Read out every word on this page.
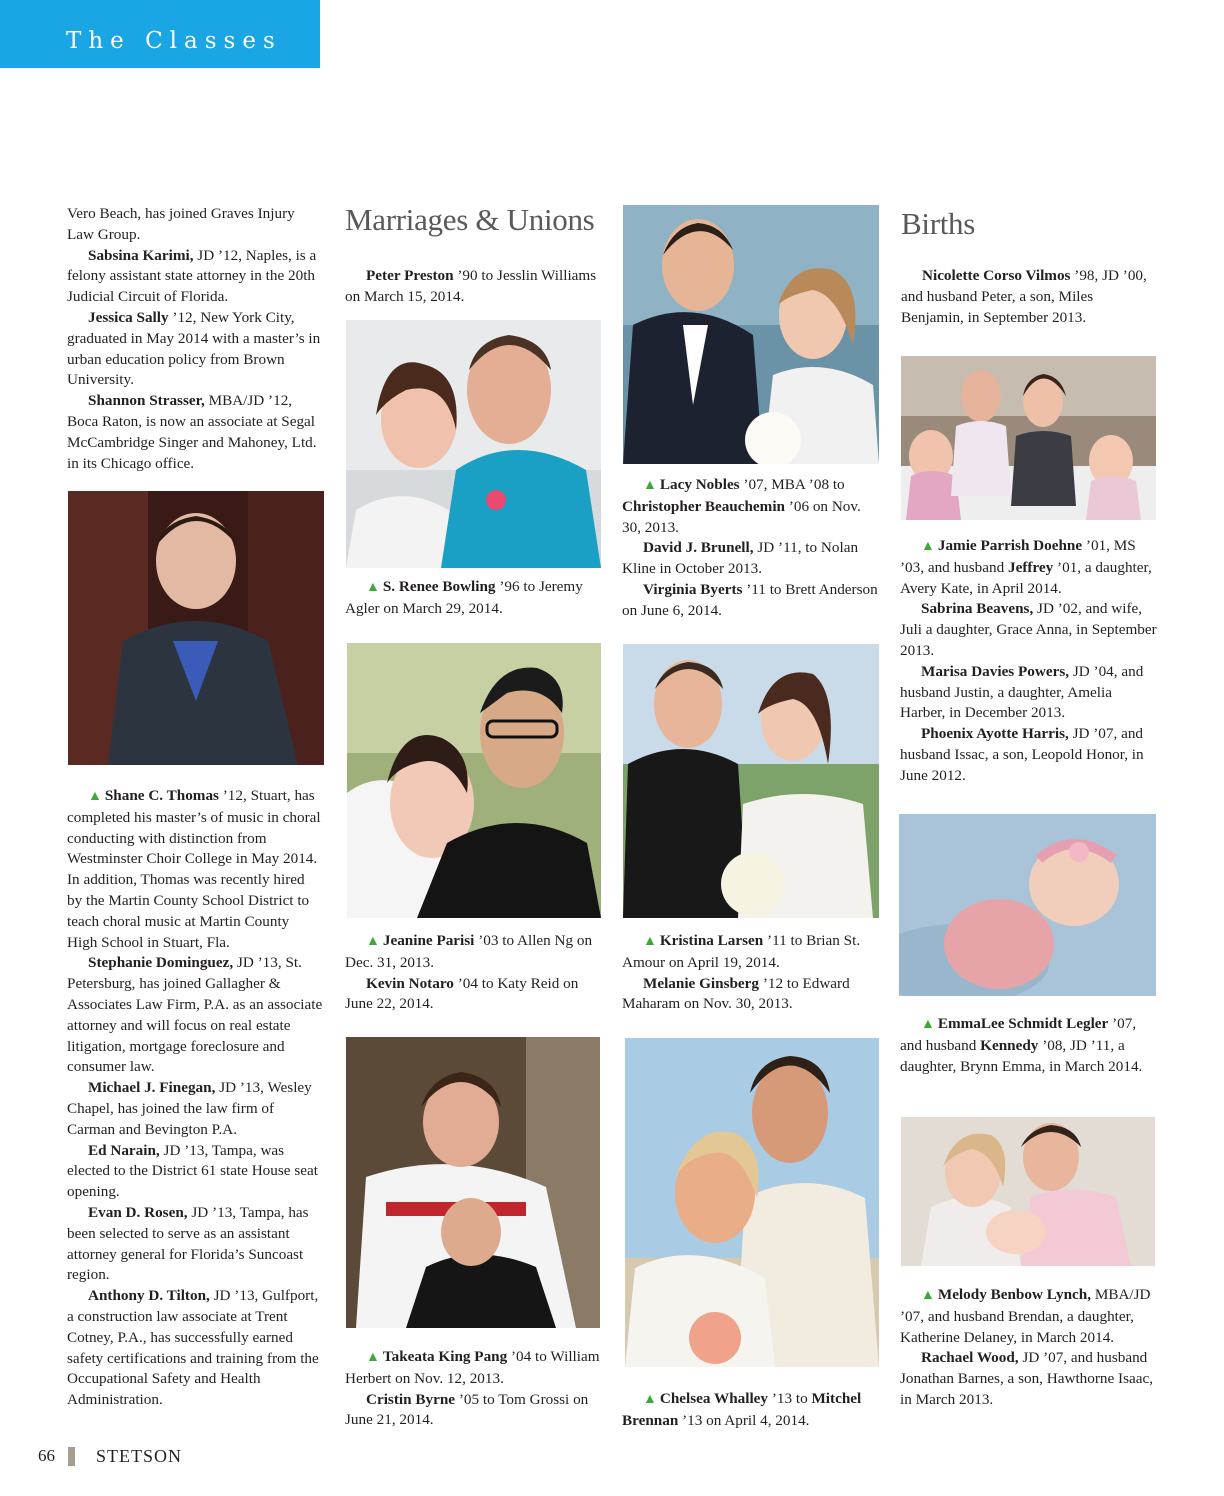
The Classes

Vero Beach, has joined Graves Injury Law Group.

Sabsina Karimi, JD ’12, Naples, is a felony assistant state attorney in the 20th Judicial Circuit of Florida.

Jessica Sally ’12, New York City, graduated in May 2014 with a master’s in urban education policy from Brown University.

Shannon Strasser, MBA/JD ’12, Boca Raton, is now an associate at Segal McCambridge Singer and Mahoney, Ltd. in its Chicago office.

▲ Shane C. Thomas ’12, Stuart, has completed his master’s of music in choral conducting with distinction from Westminster Choir College in May 2014. In addition, Thomas was recently hired by the Martin County School District to teach choral music at Martin County High School in Stuart, Fla.

Stephanie Dominguez, JD ’13, St. Petersburg, has joined Gallagher & Associates Law Firm, P.A. as an associate attorney and will focus on real estate litigation, mortgage foreclosure and consumer law.

Michael J. Finegan, JD ’13, Wesley Chapel, has joined the law firm of Carman and Bevington P.A.

Ed Narain, JD ’13, Tampa, was elected to the District 61 state House seat opening.

Evan D. Rosen, JD ’13, Tampa, has been selected to serve as an assistant attorney general for Florida’s Suncoast region.

Anthony D. Tilton, JD ’13, Gulfport, a construction law associate at Trent Cotney, P.A., has successfully earned safety certifications and training from the Occupational Safety and Health Administration.

Marriages & Unions

Peter Preston ’90 to Jesslin Williams on March 15, 2014.

▲ S. Renee Bowling ’96 to Jeremy Agler on March 29, 2014.

▲ Jeanine Parisi ’03 to Allen Ng on Dec. 31, 2013.

Kevin Notaro ’04 to Katy Reid on June 22, 2014.

▲ Takeata King Pang ’04 to William Herbert on Nov. 12, 2013.

Cristin Byrne ’05 to Tom Grossi on June 21, 2014.

▲ Lacy Nobles ’07, MBA ’08 to Christopher Beauchemin ’06 on Nov. 30, 2013.

David J. Brunell, JD ’11, to Nolan Kline in October 2013.

Virginia Byerts ’11 to Brett Anderson on June 6, 2014.

▲ Kristina Larsen ’11 to Brian St. Amour on April 19, 2014.

Melanie Ginsberg ’12 to Edward Maharam on Nov. 30, 2013.

▲ Chelsea Whalley ’13 to Mitchel Brennan ’13 on April 4, 2014.

Births

Nicolette Corso Vilmos ’98, JD ’00, and husband Peter, a son, Miles Benjamin, in September 2013.

▲ Jamie Parrish Doehne ’01, MS ’03, and husband Jeffrey ’01, a daughter, Avery Kate, in April 2014.

Sabrina Beavens, JD ’02, and wife, Juli a daughter, Grace Anna, in September 2013.

Marisa Davies Powers, JD ’04, and husband Justin, a daughter, Amelia Harber, in December 2013.

Phoenix Ayotte Harris, JD ’07, and husband Issac, a son, Leopold Honor, in June 2012.

▲ EmmaLee Schmidt Legler ’07, and husband Kennedy ’08, JD ’11, a daughter, Brynn Emma, in March 2014.

▲ Melody Benbow Lynch, MBA/JD ’07, and husband Brendan, a daughter, Katherine Delaney, in March 2014.

Rachael Wood, JD ’07, and husband Jonathan Barnes, a son, Hawthorne Isaac, in March 2013.

66 STETSON
